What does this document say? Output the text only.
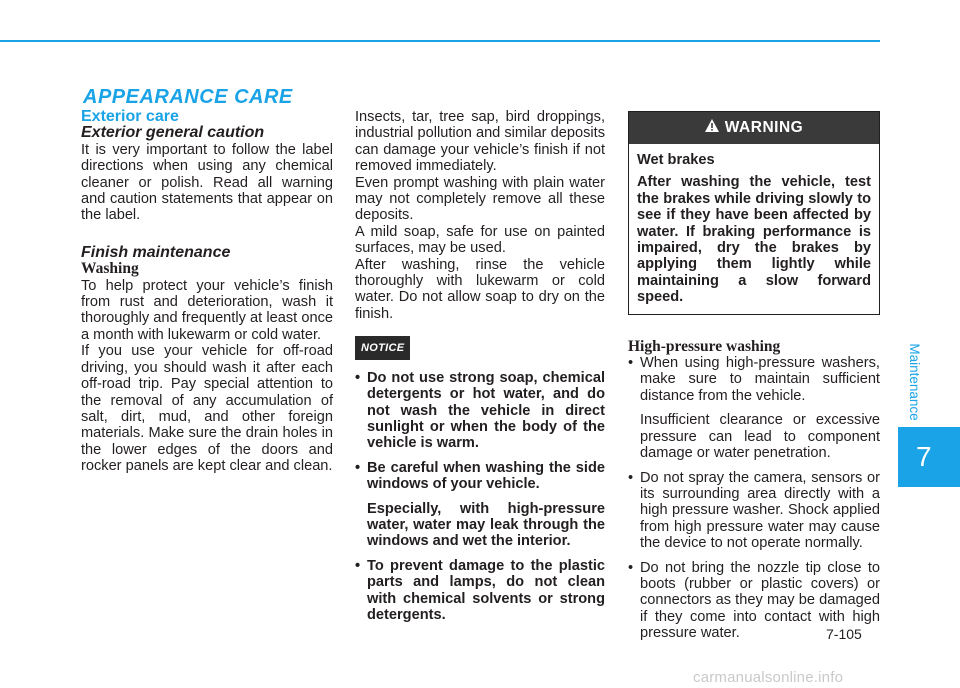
APPEARANCE CARE
Maintenance
7

Exterior care

Exterior general caution

It is very important to follow the label directions when using any chemical cleaner or polish. Read all warning and caution statements that appear on the label.

Finish maintenance

Washing

To help protect your vehicle’s finish from rust and deterioration, wash it thoroughly and frequently at least once a month with lukewarm or cold water.

If you use your vehicle for off-road driving, you should wash it after each off-road trip. Pay special attention to the removal of any accumulation of salt, dirt, mud, and other foreign materials. Make sure the drain holes in the lower edges of the doors and rocker panels are kept clear and clean.

Insects, tar, tree sap, bird droppings, industrial pollution and similar deposits can damage your vehicle’s finish if not removed immediately.

Even prompt washing with plain water may not completely remove all these deposits.

A mild soap, safe for use on painted surfaces, may be used.

After washing, rinse the vehicle thoroughly with lukewarm or cold water. Do not allow soap to dry on the finish.

NOTICE
• Do not use strong soap, chemical detergents or hot water, and do not wash the vehicle in direct sunlight or when the body of the vehicle is warm.
• Be careful when washing the side windows of your vehicle.

Especially, with high-pressure water, water may leak through the windows and wet the interior.

• To prevent damage to the plastic parts and lamps, do not clean with chemical solvents or strong detergents.
WARNING

Wet brakes

After washing the vehicle, test the brakes while driving slowly to see if they have been affected by water. If braking performance is impaired, dry the brakes by applying them lightly while maintaining a slow forward speed.

High-pressure washing

• When using high-pressure washers, make sure to maintain sufficient distance from the vehicle.

Insufficient clearance or excessive pressure can lead to component damage or water penetration.

• Do not spray the camera, sensors or its surrounding area directly with a high pressure washer. Shock applied from high pressure water may cause the device to not operate normally.
• Do not bring the nozzle tip close to boots (rubber or plastic covers) or connectors as they may be damaged if they come into contact with high pressure water.	7-105
carmanualsonline.info
